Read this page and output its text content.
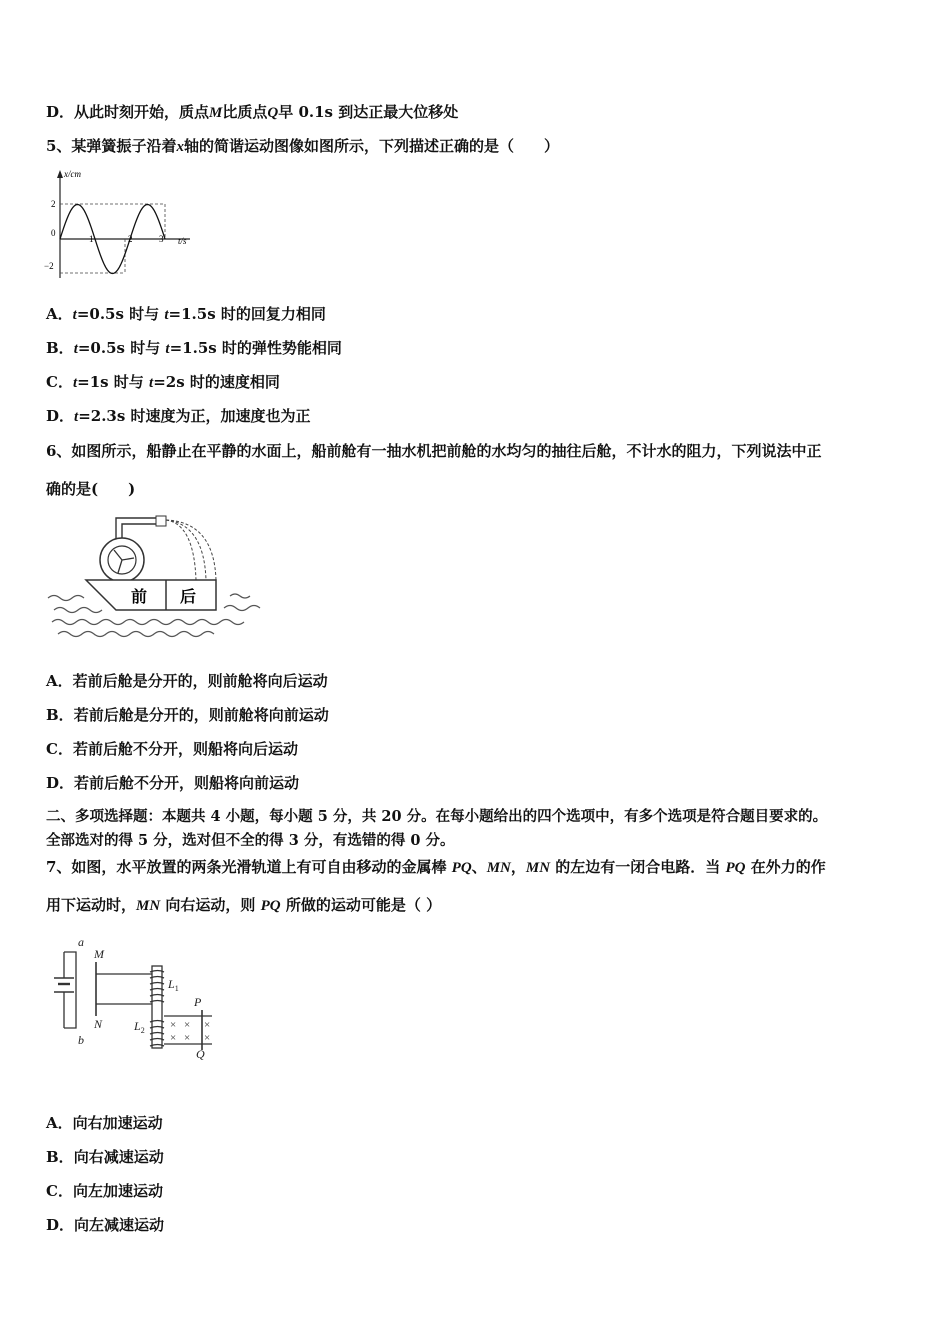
D．从此时刻开始，质点M比质点Q早 0.1s 到达正最大位移处
5、某弹簧振子沿着x轴的简谐运动图像如图所示，下列描述正确的是（　　）
x/cm
t/s
2
0
−2
1	2	3
A．t=0.5s 时与 t=1.5s 时的回复力相同
B．t=0.5s 时与 t=1.5s 时的弹性势能相同
C．t=1s 时与 t=2s 时的速度相同
D．t=2.3s 时速度为正，加速度也为正
6、如图所示，船静止在平静的水面上，船前舱有一抽水机把前舱的水均匀的抽往后舱，不计水的阻力，下列说法中正
确的是(　　)
前 后
A．若前后舱是分开的，则前舱将向后运动
B．若前后舱是分开的，则前舱将向前运动
C．若前后舱不分开，则船将向后运动
D．若前后舱不分开，则船将向前运动
二、多项选择题：本题共 4 小题，每小题 5 分，共 20 分。在每小题给出的四个选项中，有多个选项是符合题目要求的。
全部选对的得 5 分，选对但不全的得 3 分，有选错的得 0 分。
7、如图，水平放置的两条光滑轨道上有可自由移动的金属棒 PQ、MN，MN 的左边有一闭合电路．当 PQ 在外力的作
用下运动时，MN 向右运动，则 PQ 所做的运动可能是（ ）
× × ×
× × ×
a
b
M
N
$L_1$
$L_2$
P
Q
A．向右加速运动
B．向右减速运动
C．向左加速运动
D．向左减速运动
